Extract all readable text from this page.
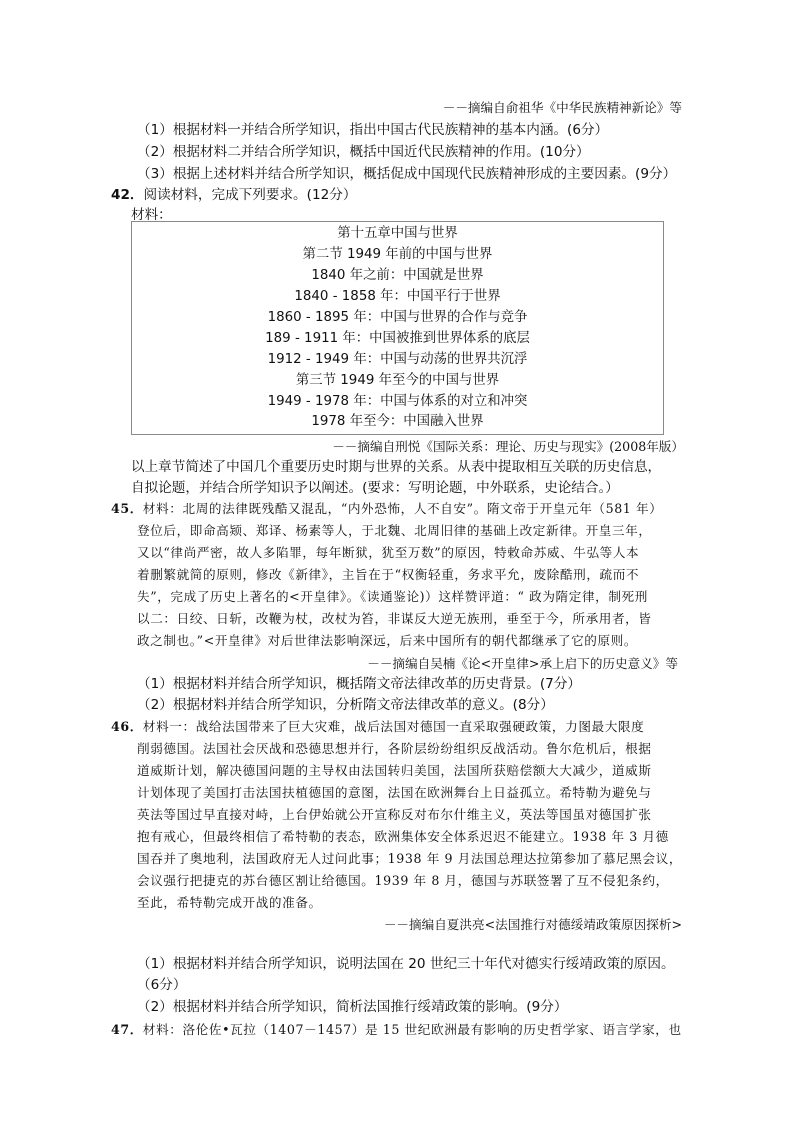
－－摘编自俞祖华《中华民族精神新论》等
（1）根据材料一并结合所学知识，指出中国古代民族精神的基本内涵。(6分）
（2）根据材料二并结合所学知识，概括中国近代民族精神的作用。(10分）
（3）根据上述材料并结合所学知识，概括促成中国现代民族精神形成的主要因素。(9分）
42．阅读材料，完成下列要求。(12分）
材料：
第十五章中国与世界
第二节 1949 年前的中国与世界
1840 年之前：中国就是世界
1840 - 1858 年：中国平行于世界
1860 - 1895 年：中国与世界的合作与竞争
189 - 1911 年：中国被推到世界体系的底层
1912 - 1949 年：中国与动荡的世界共沉浮
第三节 1949 年至今的中国与世界
1949 - 1978 年：中国与体系的对立和冲突
1978 年至今：中国融入世界
－－摘编自刑悦《国际关系：理论、历史与现实》(2008年版）
以上章节简述了中国几个重要历史时期与世界的关系。从表中提取相互关联的历史信息，
自拟论题，并结合所学知识予以阐述。(要求：写明论题，中外联系，史论结合。）
45．材料：北周的法律既残酷又混乱，“内外恐怖，人不自安”。隋文帝于开皇元年（581 年）
登位后，即命高颎、郑译、杨素等人，于北魏、北周旧律的基础上改定新律。开皇三年，
又以“律尚严密，故人多陷罪，每年断狱，犹至万数”的原因，特敕命苏威、牛弘等人本
着删繁就简的原则，修改《新律》，主旨在于“权衡轻重，务求平允，废除酷刑，疏而不
失”，完成了历史上著名的<开皇律》。《读通鉴论)）这样赞评道：“ 政为隋定律，制死刑
以二：日绞、日斩，改鞭为杖，改杖为笞，非谋反大逆无族刑，垂至于今，所承用者，皆
政之制也。”<开皇律》对后世律法影响深远，后来中国所有的朝代都继承了它的原则。
－－摘编自吴楠《论<开皇律>承上启下的历史意义》等
（1）根据材料并结合所学知识，概括隋文帝法律改革的历史背景。(7分）
（2）根据材料并结合所学知识，分析隋文帝法律改革的意义。(8分）
46．材料一：战给法国带来了巨大灾难，战后法国对德国一直采取强硬政策，力图最大限度
削弱德国。法国社会厌战和恐德思想并行，各阶层纷纷组织反战活动。鲁尔危机后，根据
道威斯计划，解决德国问题的主导权由法国转归美国，法国所获赔偿额大大减少，道威斯
计划体现了美国打击法国扶植德国的意图，法国在欧洲舞台上日益孤立。希特勒为避免与
英法等国过早直接对峙，上台伊始就公开宣称反对布尔什维主义，英法等国虽对德国扩张
抱有戒心，但最终相信了希特勒的表态，欧洲集体安全体系迟迟不能建立。1938 年 3 月德
国吞并了奥地利，法国政府无人过问此事；1938 年 9 月法国总理达拉第参加了慕尼黑会议，
会议强行把捷克的苏台德区割让给德国。1939 年 8 月，德国与苏联签署了互不侵犯条约，
至此，希特勒完成开战的准备。
－－摘编自夏洪亮<法国推行对德绥靖政策原因探析>
（1）根据材料并结合所学知识，说明法国在 20 世纪三十年代对德实行绥靖政策的原因。
（6分）
（2）根据材料并结合所学知识，简析法国推行绥靖政策的影响。(9分）
47．材料：洛伦佐•瓦拉（1407－1457）是 15 世纪欧洲最有影响的历史哲学家、语言学家，也
